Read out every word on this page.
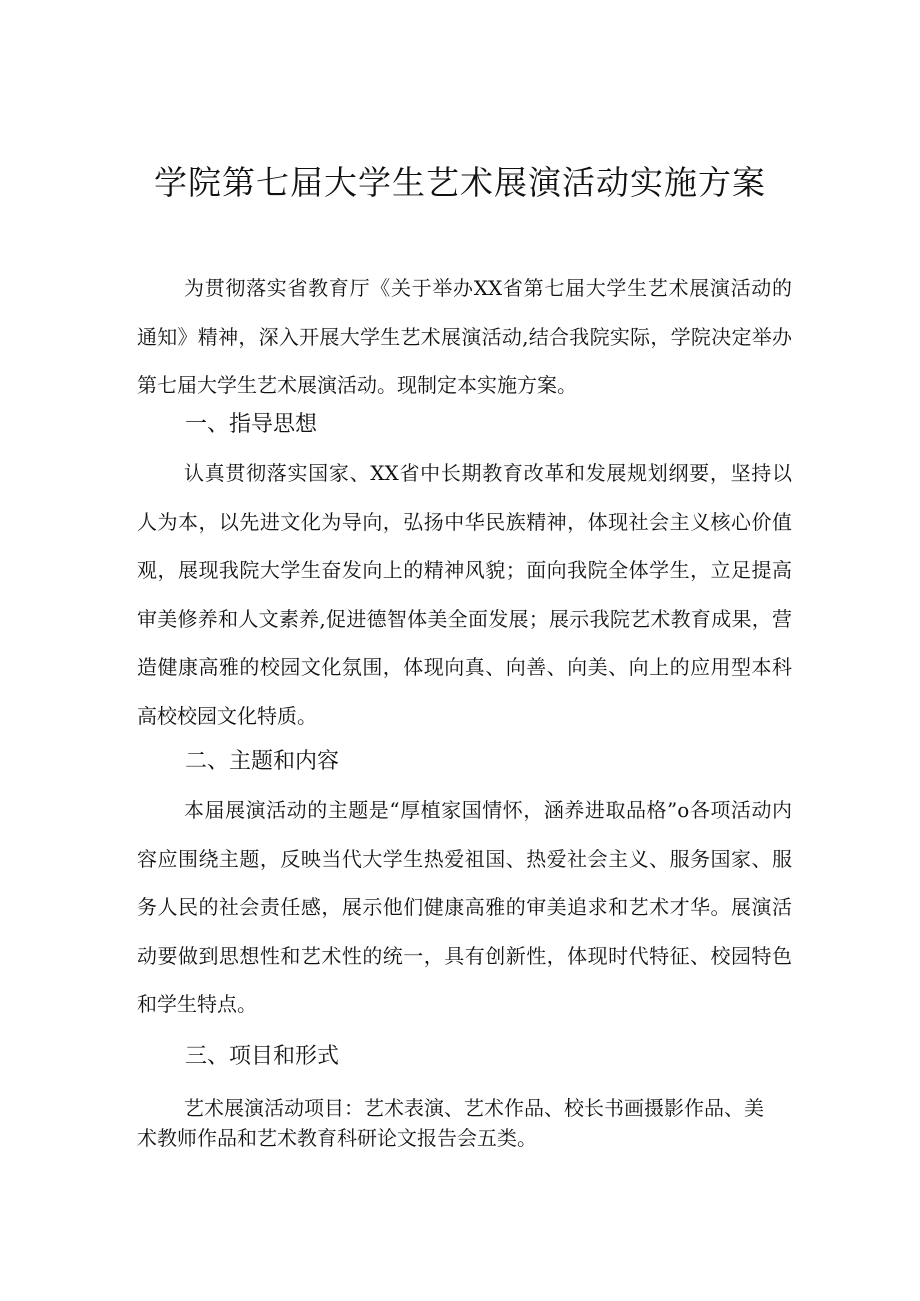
学院第七届大学生艺术展演活动实施方案

为贯彻落实省教育厅《关于举办XX省第七届大学生艺术展演活动的通知》精神，深入开展大学生艺术展演活动,结合我院实际，学院决定举办第七届大学生艺术展演活动。现制定本实施方案。

一、指导思想

认真贯彻落实国家、XX省中长期教育改革和发展规划纲要，坚持以人为本，以先进文化为导向，弘扬中华民族精神，体现社会主义核心价值观，展现我院大学生奋发向上的精神风貌；面向我院全体学生，立足提高审美修养和人文素养,促进德智体美全面发展；展示我院艺术教育成果，营造健康高雅的校园文化氛围，体现向真、向善、向美、向上的应用型本科高校校园文化特质。

二、主题和内容

本届展演活动的主题是“厚植家国情怀，涵养进取品格”o各项活动内容应围绕主题，反映当代大学生热爱祖国、热爱社会主义、服务国家、服务人民的社会责任感，展示他们健康高雅的审美追求和艺术才华。展演活动要做到思想性和艺术性的统一，具有创新性，体现时代特征、校园特色和学生特点。

三、项目和形式

艺术展演活动项目：艺术表演、艺术作品、校长书画摄影作品、美术教师作品和艺术教育科研论文报告会五类。
